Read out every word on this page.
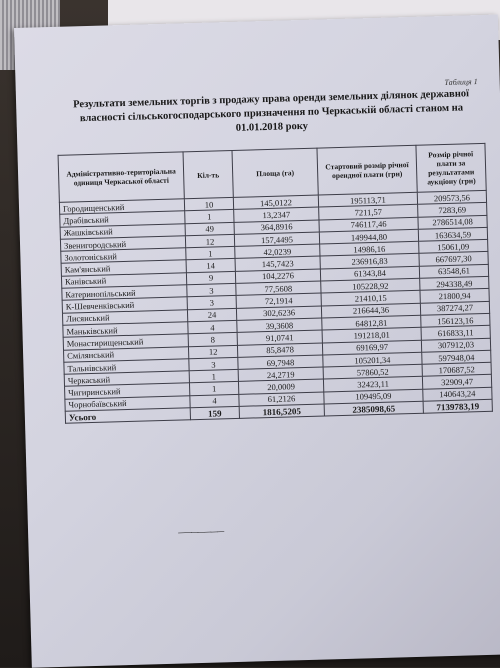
Таблиця 1
Результати земельних торгів з продажу права оренди земельних ділянок державної власності сільськогосподарського призначення по Черкаській області станом на 01.01.2018 року
Адміністративно-територіальна одиниця Черкаської області	Кіл-ть	Площа (га)	Стартовий розмір річної орендної плати (грн)	Розмір річної плати за результатами аукціону (грн)
Городищенський	10	145,0122	195113,71	209573,56
Драбівський	1	13,2347	7211,57	7283,69
Жашківський	49	364,8916	746117,46	2786514,08
Звенигородський	12	157,4495	149944,80	163634,59
Золотоніський	1	42,0239	14986,16	15061,09
Кам'янський	14	145,7423	236916,83	667697,30
Канівський	9	104,2276	61343,84	63548,61
Катеринопільський	3	77,5608	105228,92	294338,49
К-Шевченківський	3	72,1914	21410,15	21800,94
Лисянський	24	302,6236	216644,36	387274,27
Маньківський	4	39,3608	64812,81	156123,16
Монастирищенський	8	91,0741	191218,01	616833,11
Смілянський	12	85,8478	69169,97	307912,03
Тальнівський	3	69,7948	105201,34	597948,04
Черкаський	1	24,2719	57860,52	170687,52
Чигиринський	1	20,0009	32423,11	32909,47
Чорнобаївський	4	61,2126	109495,09	140643,24
Усього	159	1816,5205	2385098,65	7139783,19
———————
